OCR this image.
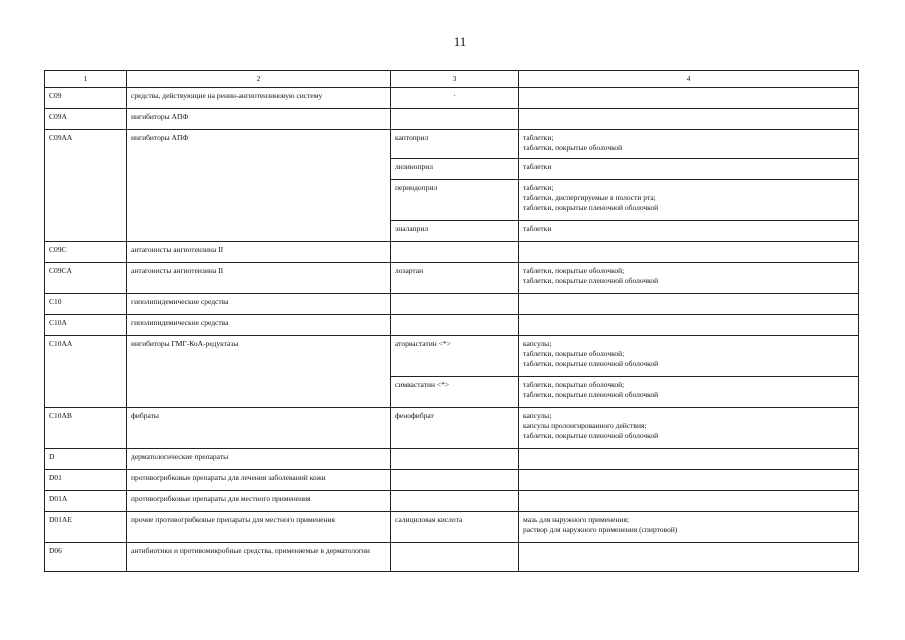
11
1	2	3	4
C09	средства, действующие на ренин-ангиотензиновую систему	·	
C09A	ингибиторы АПФ		
C09AA	ингибиторы АПФ	каптоприл	таблетки;
таблетки, покрытые оболочкой
		лизиноприл	таблетки
		периндоприл	таблетки;
таблетки, диспергируемые в полости рта;
таблетки, покрытые пленочной оболочкой
		эналаприл	таблетки
C09C	антагонисты ангиотензина II		
C09CA	антагонисты ангиотензина II	лозартан	таблетки, покрытые оболочкой;
таблетки, покрытые пленочной оболочкой
C10	гиполипидемические средства		
C10A	гиполипидемические средства		
C10AA	ингибиторы ГМГ-КоА-редуктазы	аторвастатин <*>	капсулы;
таблетки, покрытые оболочкой;
таблетки, покрытые пленочной оболочкой
		симвастатин <*>	таблетки, покрытые оболочкой;
таблетки, покрытые пленочной оболочкой
C10AB	фибраты	фенофибрат	капсулы;
капсулы пролонгированного действия;
таблетки, покрытые пленочной оболочкой
D	дерматологические препараты		
D01	противогрибковые препараты для лечения заболеваний кожи		
D01A	противогрибковые препараты для местного применения		
D01AE	прочие противогрибковые препараты для местного применения	салициловая кислота	мазь для наружного применения;
раствор для наружного применения (спиртовой)
D06	антибиотики и противомикробные средства, применяемые в дерматологии		
